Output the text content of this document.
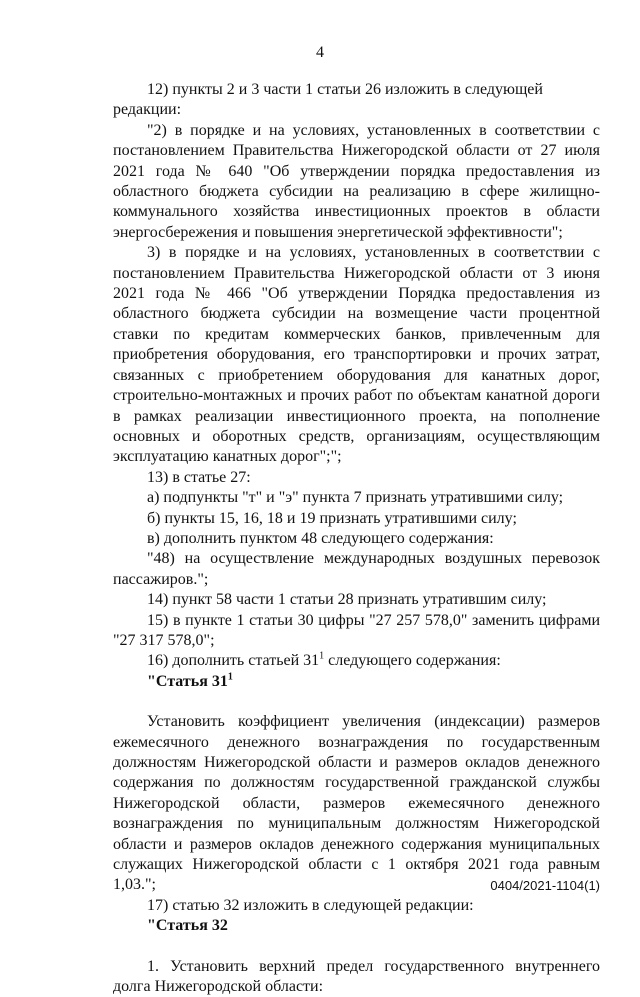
4

12) пункты 2 и 3 части 1 статьи 26 изложить в следующей редакции:

"2) в порядке и на условиях, установленных в соответствии с постановлением Правительства Нижегородской области от 27 июля 2021 года № 640 "Об утверждении порядка предоставления из областного бюджета субсидии на реализацию в сфере жилищно-коммунального хозяйства инвестиционных проектов в области энергосбережения и повышения энергетической эффективности";

3) в порядке и на условиях, установленных в соответствии с постановлением Правительства Нижегородской области от 3 июня 2021 года № 466 "Об утверждении Порядка предоставления из областного бюджета субсидии на возмещение части процентной ставки по кредитам коммерческих банков, привлеченным для приобретения оборудования, его транспортировки и прочих затрат, связанных с приобретением оборудования для канатных дорог, строительно-монтажных и прочих работ по объектам канатной дороги в рамках реализации инвестиционного проекта, на пополнение основных и оборотных средств, организациям, осуществляющим эксплуатацию канатных дорог";";

13) в статье 27:

а) подпункты "т" и "э" пункта 7 признать утратившими силу;

б) пункты 15, 16, 18 и 19 признать утратившими силу;

в) дополнить пунктом 48 следующего содержания:

"48) на осуществление международных воздушных перевозок пассажиров.";

14) пункт 58 части 1 статьи 28 признать утратившим силу;

15) в пункте 1 статьи 30 цифры "27 257 578,0" заменить цифрами "27 317 578,0";

16) дополнить статьей $31^1$ следующего содержания:

"Статья $31^1$

Установить коэффициент увеличения (индексации) размеров ежемесячного денежного вознаграждения по государственным должностям Нижегородской области и размеров окладов денежного содержания по должностям государственной гражданской службы Нижегородской области, размеров ежемесячного денежного вознаграждения по муниципальным должностям Нижегородской области и размеров окладов денежного содержания муниципальных служащих Нижегородской области с 1 октября 2021 года равным 1,03.";

17) статью 32 изложить в следующей редакции:

"Статья 32

1. Установить верхний предел государственного внутреннего долга Нижегородской области:

0404/2021-1104(1)
